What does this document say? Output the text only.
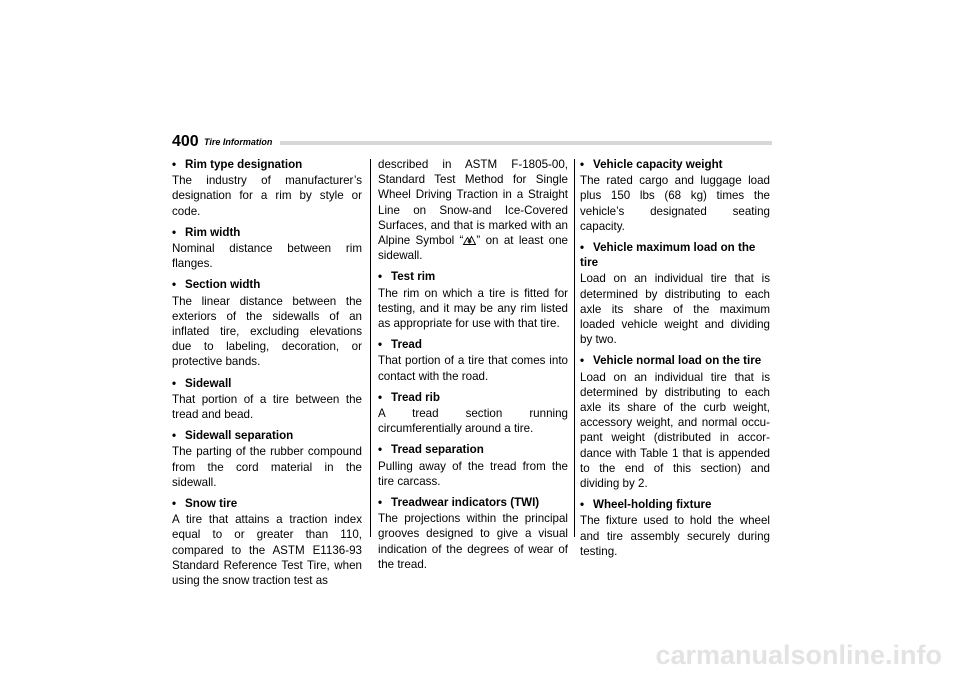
400 Tire Information
• Rim type designation
The industry of manufacturer’s designation for a rim by style or code.
• Rim width
Nominal distance between rim flanges.
• Section width
The linear distance between the exteriors of the sidewalls of an inflated tire, excluding elevations due to labeling, decoration, or protective bands.
• Sidewall
That portion of a tire between the tread and bead.
• Sidewall separation
The parting of the rubber compound from the cord material in the sidewall.
• Snow tire
A tire that attains a traction index equal to or greater than 110, compared to the ASTM E1136-93 Standard Reference Test Tire, when using the snow traction test as
described in ASTM F-1805-00, Standard Test Method for Single Wheel Driving Traction in a Straight Line on Snow-and Ice-Covered Surfaces, and that is marked with an Alpine Symbol “ ” on at least one sidewall.
• Test rim
The rim on which a tire is fitted for testing, and it may be any rim listed as appropriate for use with that tire.
• Tread
That portion of a tire that comes into contact with the road.
• Tread rib
A tread section running circumferentially around a tire.
• Tread separation
Pulling away of the tread from the tire carcass.
• Treadwear indicators (TWI)
The projections within the principal grooves designed to give a visual indication of the degrees of wear of the tread.
• Vehicle capacity weight
The rated cargo and luggage load plus 150 lbs (68 kg) times the vehicle’s designated seating capacity.
• Vehicle maximum load on the tire
Load on an individual tire that is determined by distributing to each axle its share of the maximum loaded vehicle weight and dividing by two.
• Vehicle normal load on the tire
Load on an individual tire that is determined by distributing to each axle its share of the curb weight, accessory weight, and normal occu-pant weight (distributed in accor-dance with Table 1 that is appended to the end of this section) and dividing by 2.
• Wheel-holding fixture
The fixture used to hold the wheel and tire assembly securely during testing.
carmanualsonline.info
